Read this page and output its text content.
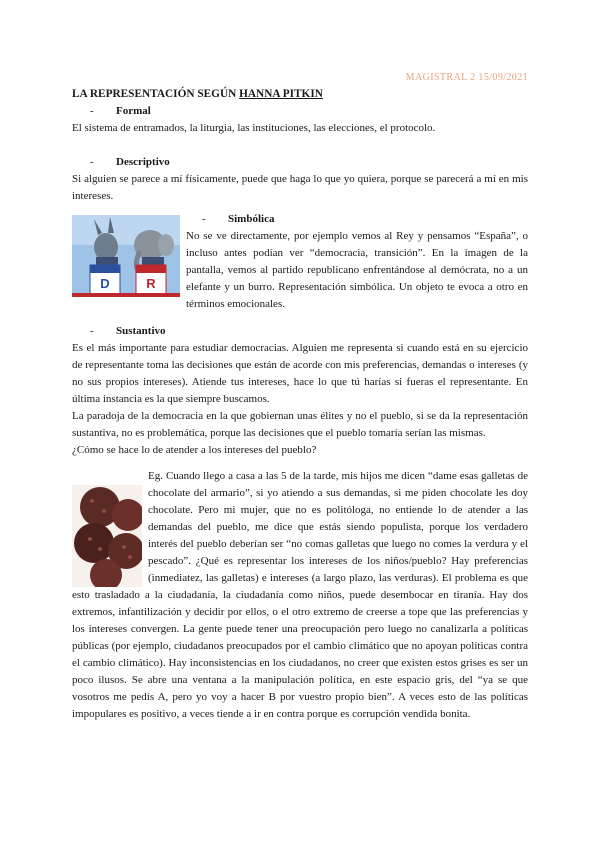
MAGISTRAL 2 15/09/2021
LA REPRESENTACIÓN SEGÚN HANNA PITKIN
-	Formal

El sistema de entramados, la liturgia, las instituciones, las elecciones, el protocolo.

-	Descriptivo

Si alguien se parece a mí físicamente, puede que haga lo que yo quiera, porque se parecerá a mí en mis intereses.

D	R
-	Simbólica

No se ve directamente, por ejemplo vemos al Rey y pensamos “España”, o incluso antes podían ver “democracia, transición”. En la imagen de la pantalla, vemos al partido republicano enfrentándose al demócrata, no a un elefante y un burro. Representación simbólica. Un objeto te evoca a otro en términos emocionales.

-	Sustantivo

Es el más importante para estudiar democracias. Alguien me representa si cuando está en su ejercicio de representante toma las decisiones que están de acorde con mis preferencias, demandas o intereses (y no sus propios intereses). Atiende tus intereses, hace lo que tú harías si fueras el representante. En última instancia es la que siempre buscamos.

La paradoja de la democracia en la que gobiernan unas élites y no el pueblo, si se da la representación sustantiva, no es problemática, porque las decisiones que el pueblo tomaría serían las mismas.

¿Cómo se hace lo de atender a los intereses del pueblo?

Eg. Cuando llego a casa a las 5 de la tarde, mis hijos me dicen “dame esas galletas de chocolate del armario”, si yo atiendo a sus demandas, si me piden chocolate les doy chocolate. Pero mi mujer, que no es politóloga, no entiende lo de atender a las demandas del pueblo, me dice que estás siendo populista, porque los verdadero interés del pueblo deberían ser “no comas galletas que luego no comes la verdura y el pescado”. ¿Qué es representar los intereses de los niños/pueblo? Hay preferencias (inmediatez, las galletas) e intereses (a largo plazo, las verduras). El problema es que esto trasladado a la ciudadanía, la ciudadanía como niños, puede desembocar en tiranía. Hay dos extremos, infantilización y decidir por ellos, o el otro extremo de creerse a tope que las preferencias y los intereses convergen. La gente puede tener una preocupación pero luego no canalizarla a políticas públicas (por ejemplo, ciudadanos preocupados por el cambio climático que no apoyan políticas contra el cambio climático). Hay inconsistencias en los ciudadanos, no creer que existen estos grises es ser un poco ilusos. Se abre una ventana a la manipulación política, en este espacio gris, del “ya se que vosotros me pedís A, pero yo voy a hacer B por vuestro propio bien”. A veces esto de las políticas impopulares es positivo, a veces tiende a ir en contra porque es corrupción vendida bonita.
